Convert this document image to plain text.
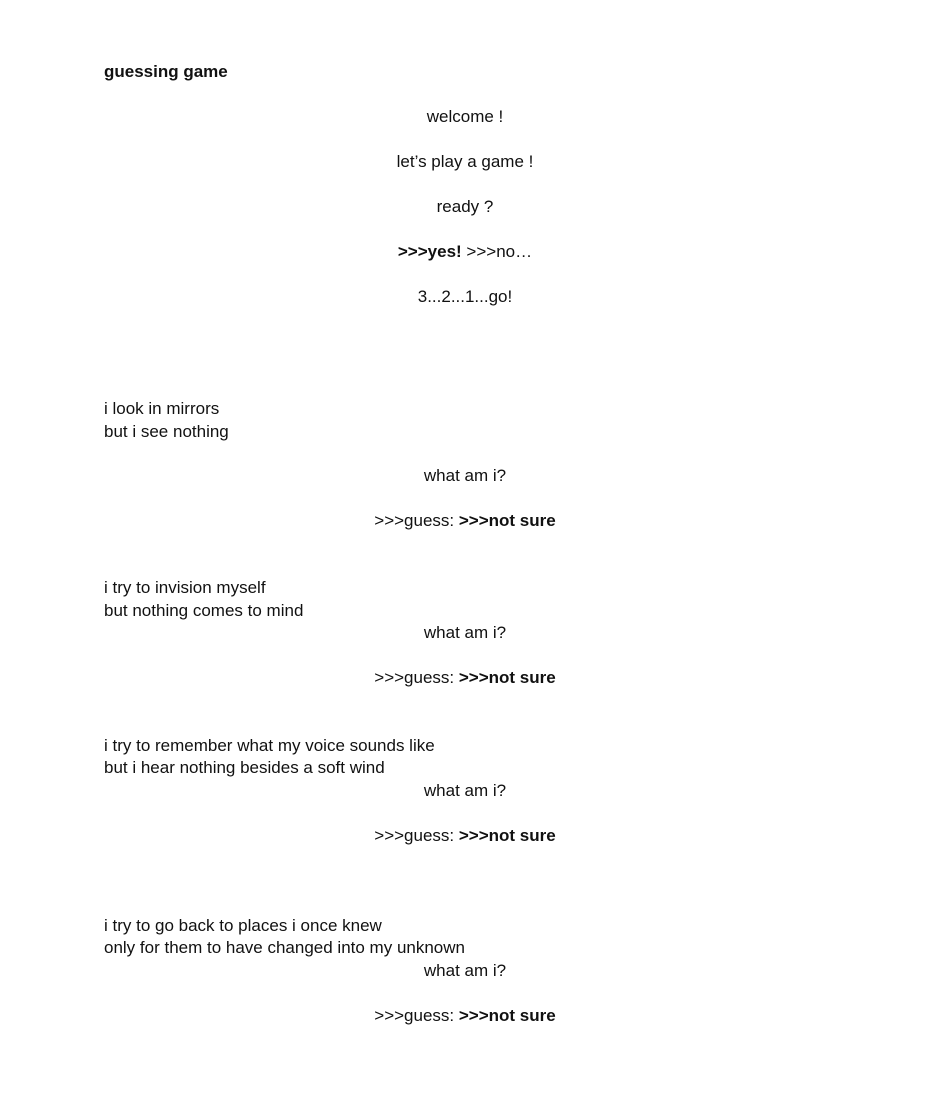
guessing game

welcome !

let’s play a game !

ready ?

>>>yes! >>>no…

3...2...1...go!

i look in mirrors

but i see nothing

what am i?

>>>guess: >>>not sure

i try to invision myself

but nothing comes to mind

what am i?

>>>guess: >>>not sure

i try to remember what my voice sounds like

but i hear nothing besides a soft wind

what am i?

>>>guess: >>>not sure

i try to go back to places i once knew

only for them to have changed into my unknown

what am i?

>>>guess: >>>not sure
